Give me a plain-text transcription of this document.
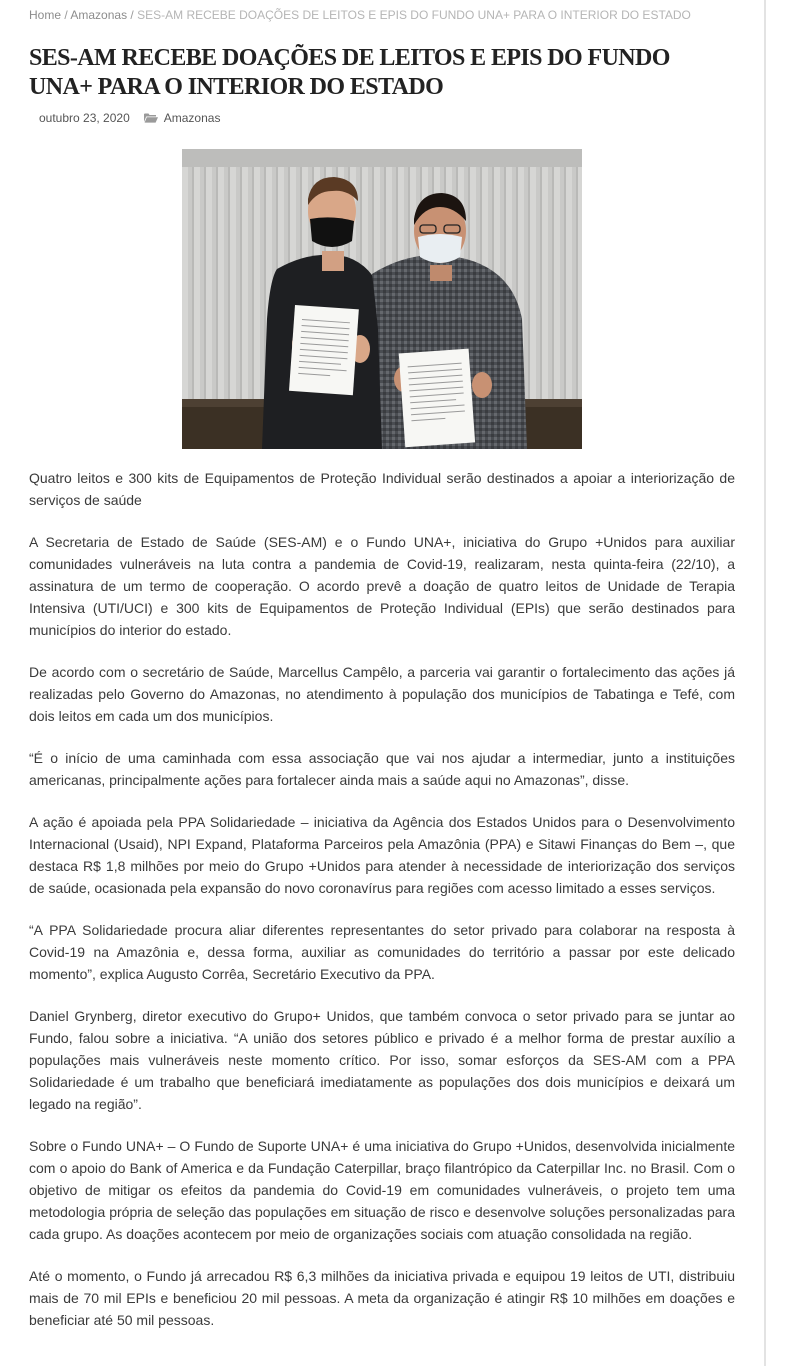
Home / Amazonas / SES-AM RECEBE DOAÇÕES DE LEITOS E EPIS DO FUNDO UNA+ PARA O INTERIOR DO ESTADO
SES-AM RECEBE DOAÇÕES DE LEITOS E EPIS DO FUNDO UNA+ PARA O INTERIOR DO ESTADO
outubro 23, 2020	Amazonas

Quatro leitos e 300 kits de Equipamentos de Proteção Individual serão destinados a apoiar a interiorização de serviços de saúde

A Secretaria de Estado de Saúde (SES-AM) e o Fundo UNA+, iniciativa do Grupo +Unidos para auxiliar comunidades vulneráveis na luta contra a pandemia de Covid-19, realizaram, nesta quinta-feira (22/10), a assinatura de um termo de cooperação. O acordo prevê a doação de quatro leitos de Unidade de Terapia Intensiva (UTI/UCI) e 300 kits de Equipamentos de Proteção Individual (EPIs) que serão destinados para municípios do interior do estado.

De acordo com o secretário de Saúde, Marcellus Campêlo, a parceria vai garantir o fortalecimento das ações já realizadas pelo Governo do Amazonas, no atendimento à população dos municípios de Tabatinga e Tefé, com dois leitos em cada um dos municípios.

“É o início de uma caminhada com essa associação que vai nos ajudar a intermediar, junto a instituições americanas, principalmente ações para fortalecer ainda mais a saúde aqui no Amazonas”, disse.

A ação é apoiada pela PPA Solidariedade – iniciativa da Agência dos Estados Unidos para o Desenvolvimento Internacional (Usaid), NPI Expand, Plataforma Parceiros pela Amazônia (PPA) e Sitawi Finanças do Bem –, que destaca R$ 1,8 milhões por meio do Grupo +Unidos para atender à necessidade de interiorização dos serviços de saúde, ocasionada pela expansão do novo coronavírus para regiões com acesso limitado a esses serviços.

“A PPA Solidariedade procura aliar diferentes representantes do setor privado para colaborar na resposta à Covid-19 na Amazônia e, dessa forma, auxiliar as comunidades do território a passar por este delicado momento”, explica Augusto Corrêa, Secretário Executivo da PPA.

Daniel Grynberg, diretor executivo do Grupo+ Unidos, que também convoca o setor privado para se juntar ao Fundo, falou sobre a iniciativa. “A união dos setores público e privado é a melhor forma de prestar auxílio a populações mais vulneráveis neste momento crítico. Por isso, somar esforços da SES-AM com a PPA Solidariedade é um trabalho que beneficiará imediatamente as populações dos dois municípios e deixará um legado na região”.

Sobre o Fundo UNA+ – O Fundo de Suporte UNA+ é uma iniciativa do Grupo +Unidos, desenvolvida inicialmente com o apoio do Bank of America e da Fundação Caterpillar, braço filantrópico da Caterpillar Inc. no Brasil. Com o objetivo de mitigar os efeitos da pandemia do Covid-19 em comunidades vulneráveis, o projeto tem uma metodologia própria de seleção das populações em situação de risco e desenvolve soluções personalizadas para cada grupo. As doações acontecem por meio de organizações sociais com atuação consolidada na região.

Até o momento, o Fundo já arrecadou R$ 6,3 milhões da iniciativa privada e equipou 19 leitos de UTI, distribuiu mais de 70 mil EPIs e beneficiou 20 mil pessoas. A meta da organização é atingir R$ 10 milhões em doações e beneficiar até 50 mil pessoas.
